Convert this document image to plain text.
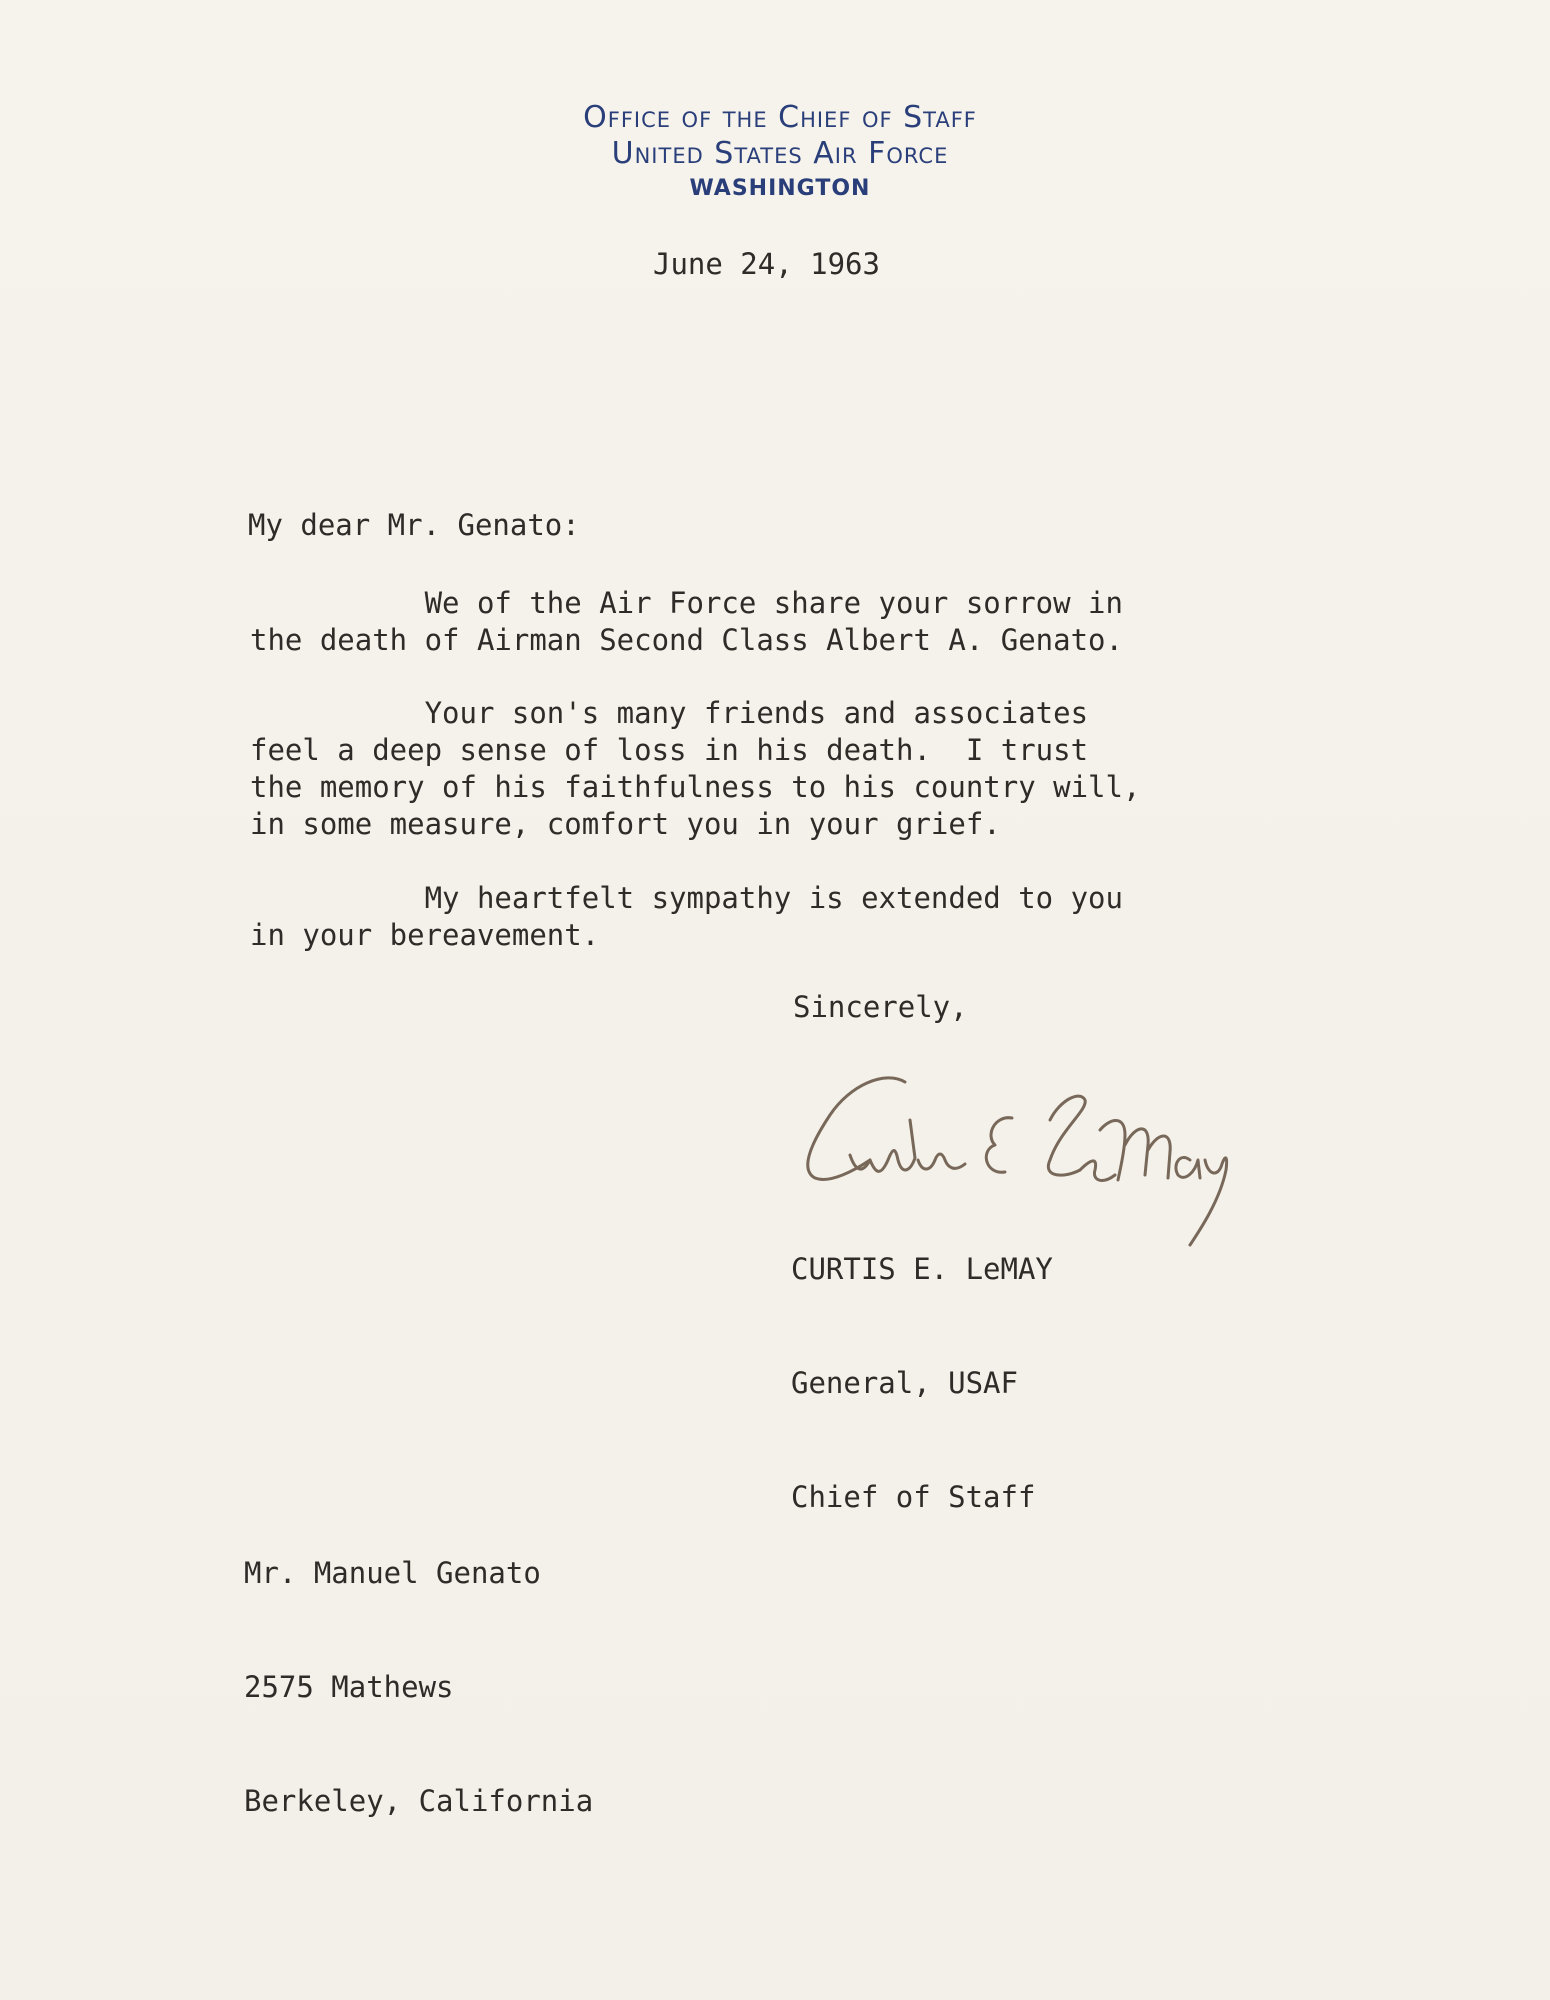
Office of the Chief of Staff
United States Air Force
WASHINGTON
June 24, 1963
My dear Mr. Genato:
We of the Air Force share your sorrow in
the death of Airman Second Class Albert A. Genato.
Your son's many friends and associates
feel a deep sense of loss in his death.  I trust
the memory of his faithfulness to his country will,
in some measure, comfort you in your grief.
My heartfelt sympathy is extended to you
in your bereavement.
Sincerely,

CURTIS E. LeMAY

General, USAF

Chief of Staff

Mr. Manuel Genato

2575 Mathews

Berkeley, California
